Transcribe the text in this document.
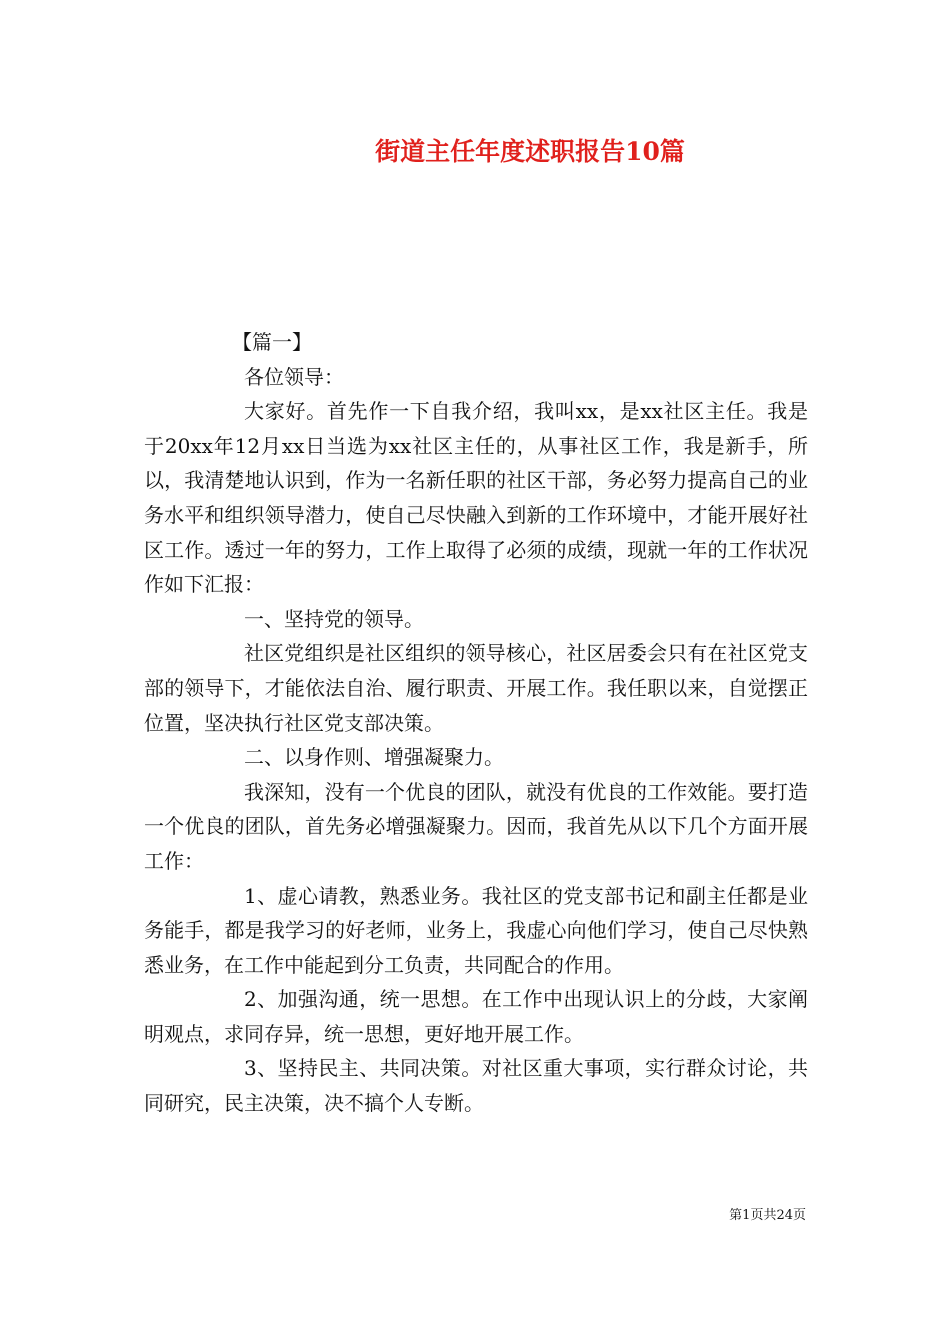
街道主任年度述职报告10篇

【篇一】

各位领导：

大家好。首先作一下自我介绍，我叫xx，是xx社区主任。我是于20xx年12月xx日当选为xx社区主任的，从事社区工作，我是新手，所以，我清楚地认识到，作为一名新任职的社区干部，务必努力提高自己的业务水平和组织领导潜力，使自己尽快融入到新的工作环境中，才能开展好社区工作。透过一年的努力，工作上取得了必须的成绩，现就一年的工作状况作如下汇报：

一、坚持党的领导。

社区党组织是社区组织的领导核心，社区居委会只有在社区党支部的领导下，才能依法自治、履行职责、开展工作。我任职以来，自觉摆正位置，坚决执行社区党支部决策。

二、以身作则、增强凝聚力。

我深知，没有一个优良的团队，就没有优良的工作效能。要打造一个优良的团队，首先务必增强凝聚力。因而，我首先从以下几个方面开展工作：

1、虚心请教，熟悉业务。我社区的党支部书记和副主任都是业务能手，都是我学习的好老师，业务上，我虚心向他们学习，使自己尽快熟悉业务，在工作中能起到分工负责，共同配合的作用。

2、加强沟通，统一思想。在工作中出现认识上的分歧，大家阐明观点，求同存异，统一思想，更好地开展工作。

3、坚持民主、共同决策。对社区重大事项，实行群众讨论，共同研究，民主决策，决不搞个人专断。

第1页共24页
